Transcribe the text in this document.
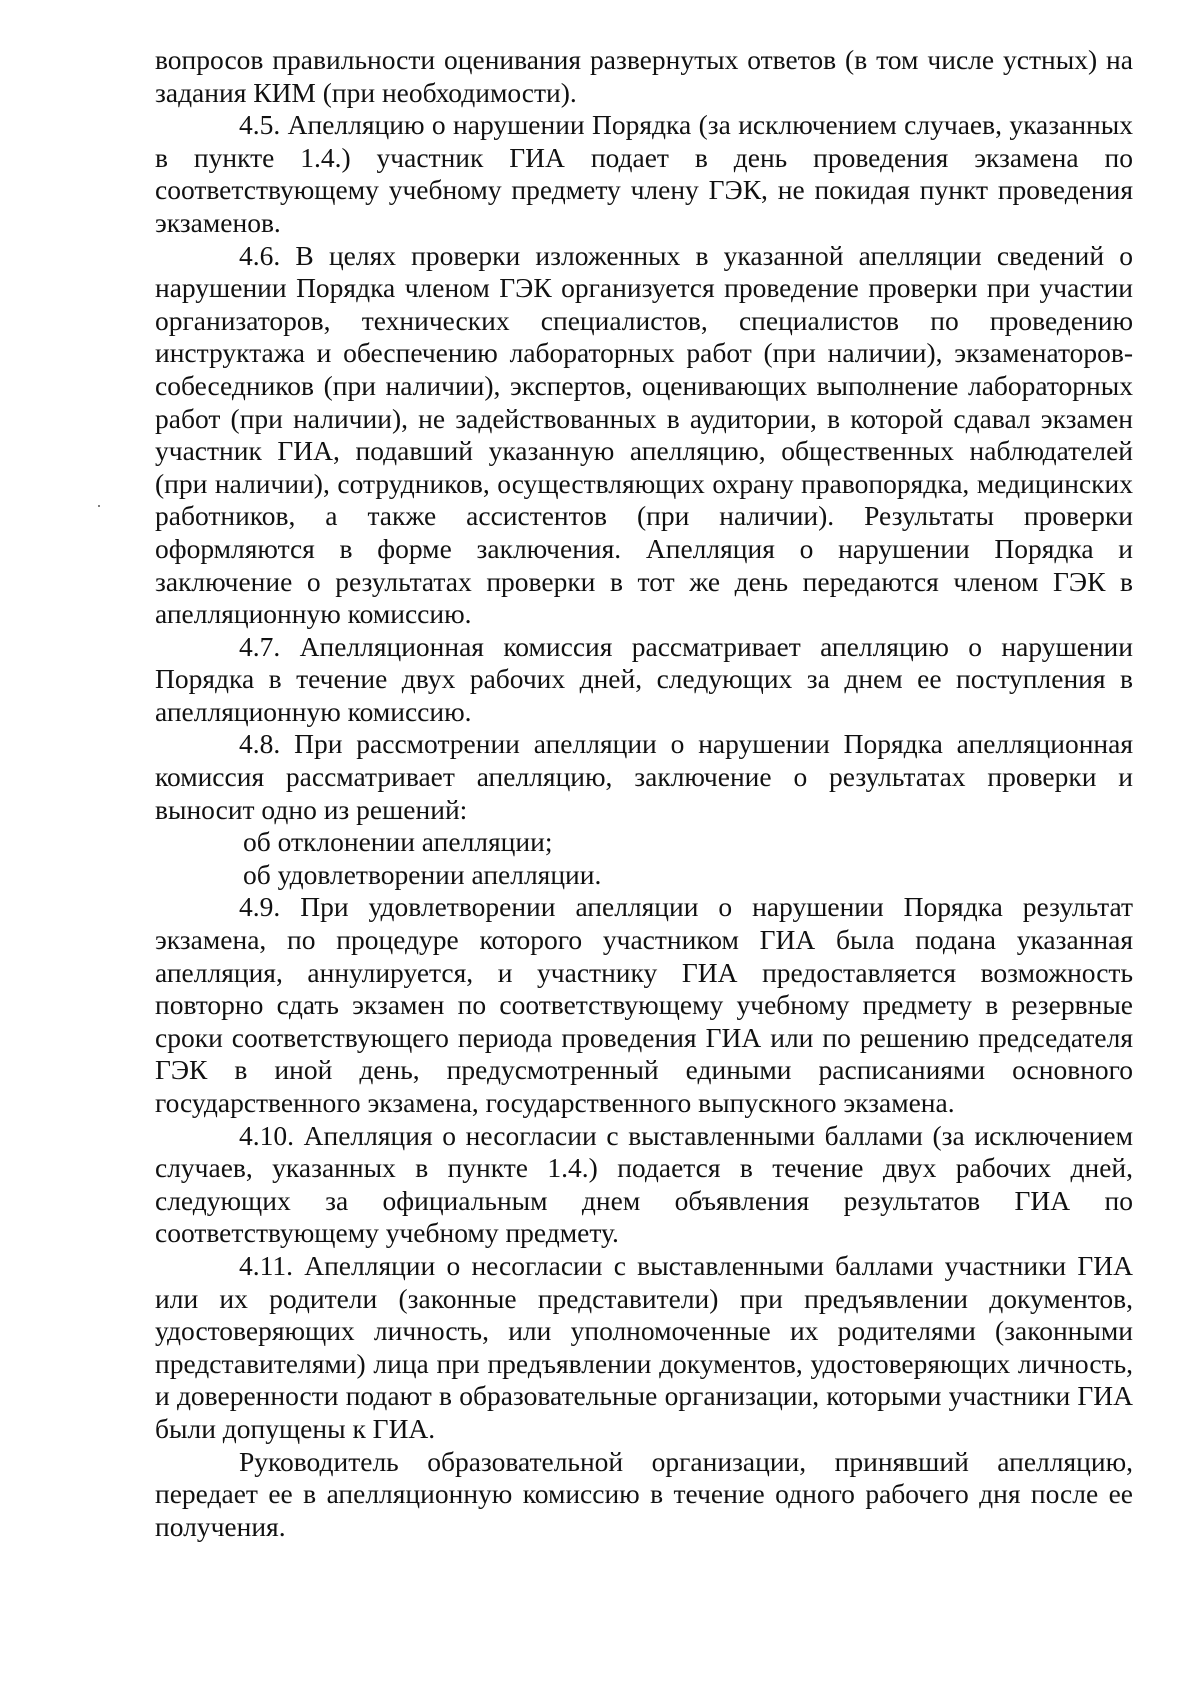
вопросов правильности оценивания развернутых ответов (в том числе устных) на задания КИМ (при необходимости).

4.5. Апелляцию о нарушении Порядка (за исключением случаев, указанных в пункте 1.4.) участник ГИА подает в день проведения экзамена по соответствующему учебному предмету члену ГЭК, не покидая пункт проведения экзаменов.

4.6. В целях проверки изложенных в указанной апелляции сведений о нарушении Порядка членом ГЭК организуется проведение проверки при участии организаторов, технических специалистов, специалистов по проведению инструктажа и обеспечению лабораторных работ (при наличии), экзаменаторов-собеседников (при наличии), экспертов, оценивающих выполнение лабораторных работ (при наличии), не задействованных в аудитории, в которой сдавал экзамен участник ГИА, подавший указанную апелляцию, общественных наблюдателей (при наличии), сотрудников, осуществляющих охрану правопорядка, медицинских работников, а также ассистентов (при наличии). Результаты проверки оформляются в форме заключения. Апелляция о нарушении Порядка и заключение о результатах проверки в тот же день передаются членом ГЭК в апелляционную комиссию.

4.7. Апелляционная комиссия рассматривает апелляцию о нарушении Порядка в течение двух рабочих дней, следующих за днем ее поступления в апелляционную комиссию.

4.8. При рассмотрении апелляции о нарушении Порядка апелляционная комиссия рассматривает апелляцию, заключение о результатах проверки и выносит одно из решений:

об отклонении апелляции;

об удовлетворении апелляции.

4.9. При удовлетворении апелляции о нарушении Порядка результат экзамена, по процедуре которого участником ГИА была подана указанная апелляция, аннулируется, и участнику ГИА предоставляется возможность повторно сдать экзамен по соответствующему учебному предмету в резервные сроки соответствующего периода проведения ГИА или по решению председателя ГЭК в иной день, предусмотренный едиными расписаниями основного государственного экзамена, государственного выпускного экзамена.

4.10. Апелляция о несогласии с выставленными баллами (за исключением случаев, указанных в пункте 1.4.) подается в течение двух рабочих дней, следующих за официальным днем объявления результатов ГИА по соответствующему учебному предмету.

4.11. Апелляции о несогласии с выставленными баллами участники ГИА или их родители (законные представители) при предъявлении документов, удостоверяющих личность, или уполномоченные их родителями (законными представителями) лица при предъявлении документов, удостоверяющих личность, и доверенности подают в образовательные организации, которыми участники ГИА были допущены к ГИА.

Руководитель образовательной организации, принявший апелляцию, передает ее в апелляционную комиссию в течение одного рабочего дня после ее получения.
